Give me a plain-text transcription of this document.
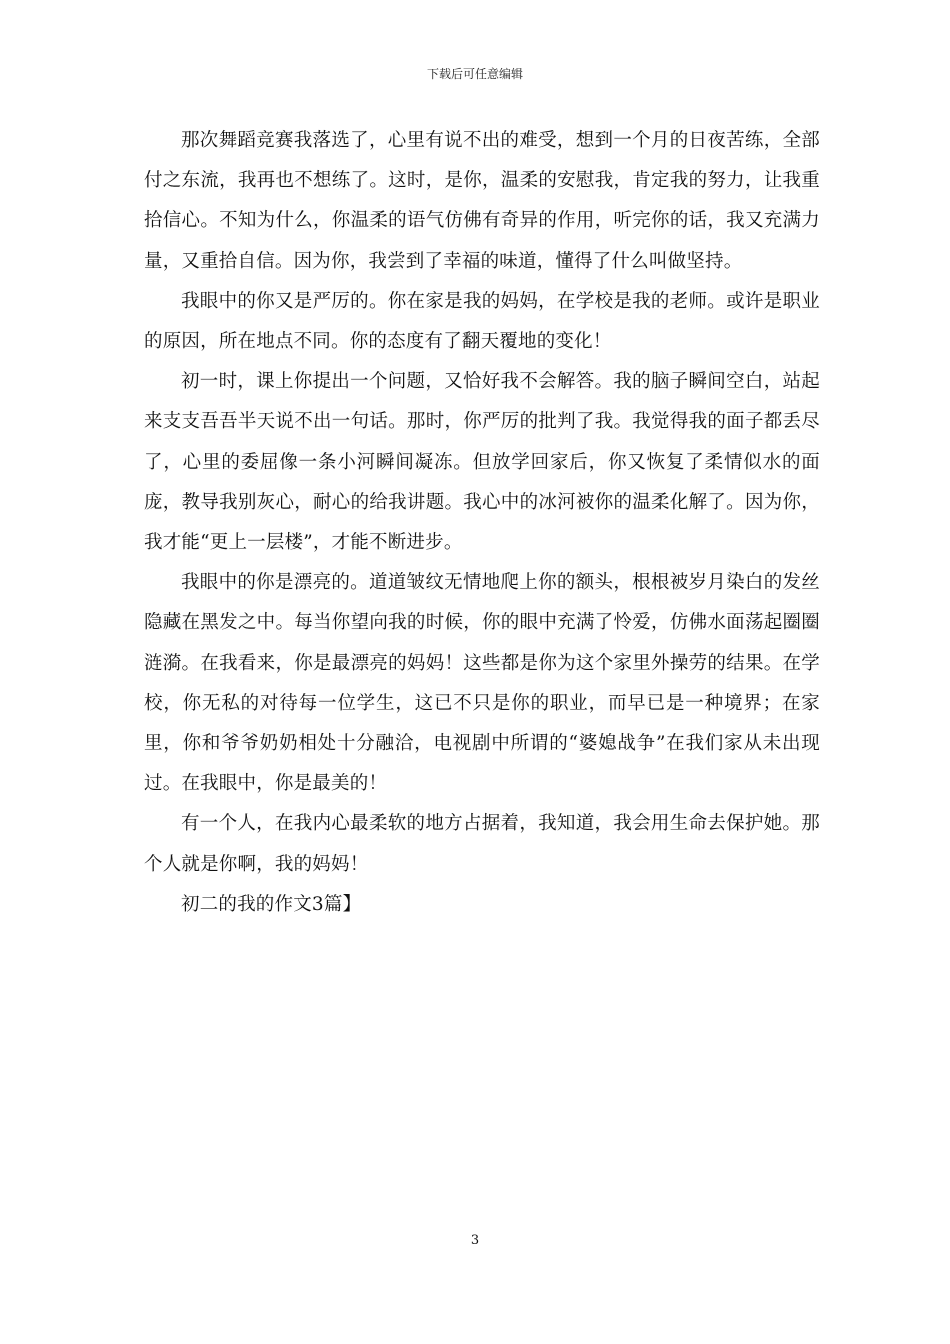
下载后可任意编辑

那次舞蹈竞赛我落选了，心里有说不出的难受，想到一个月的日夜苦练，全部付之东流，我再也不想练了。这时，是你，温柔的安慰我，肯定我的努力，让我重拾信心。不知为什么，你温柔的语气仿佛有奇异的作用，听完你的话，我又充满力量，又重拾自信。因为你，我尝到了幸福的味道，懂得了什么叫做坚持。

我眼中的你又是严厉的。你在家是我的妈妈，在学校是我的老师。或许是职业的原因，所在地点不同。你的态度有了翻天覆地的变化！

初一时，课上你提出一个问题，又恰好我不会解答。我的脑子瞬间空白，站起来支支吾吾半天说不出一句话。那时，你严厉的批判了我。我觉得我的面子都丢尽了，心里的委屈像一条小河瞬间凝冻。但放学回家后，你又恢复了柔情似水的面庞，教导我别灰心，耐心的给我讲题。我心中的冰河被你的温柔化解了。因为你，我才能“更上一层楼”，才能不断进步。

我眼中的你是漂亮的。道道皱纹无情地爬上你的额头，根根被岁月染白的发丝隐藏在黑发之中。每当你望向我的时候，你的眼中充满了怜爱，仿佛水面荡起圈圈涟漪。在我看来，你是最漂亮的妈妈！这些都是你为这个家里外操劳的结果。在学校，你无私的对待每一位学生，这已不只是你的职业，而早已是一种境界；在家里，你和爷爷奶奶相处十分融洽，电视剧中所谓的“婆媳战争”在我们家从未出现过。在我眼中，你是最美的！

有一个人，在我内心最柔软的地方占据着，我知道，我会用生命去保护她。那个人就是你啊，我的妈妈！

初二的我的作文3篇】

3
